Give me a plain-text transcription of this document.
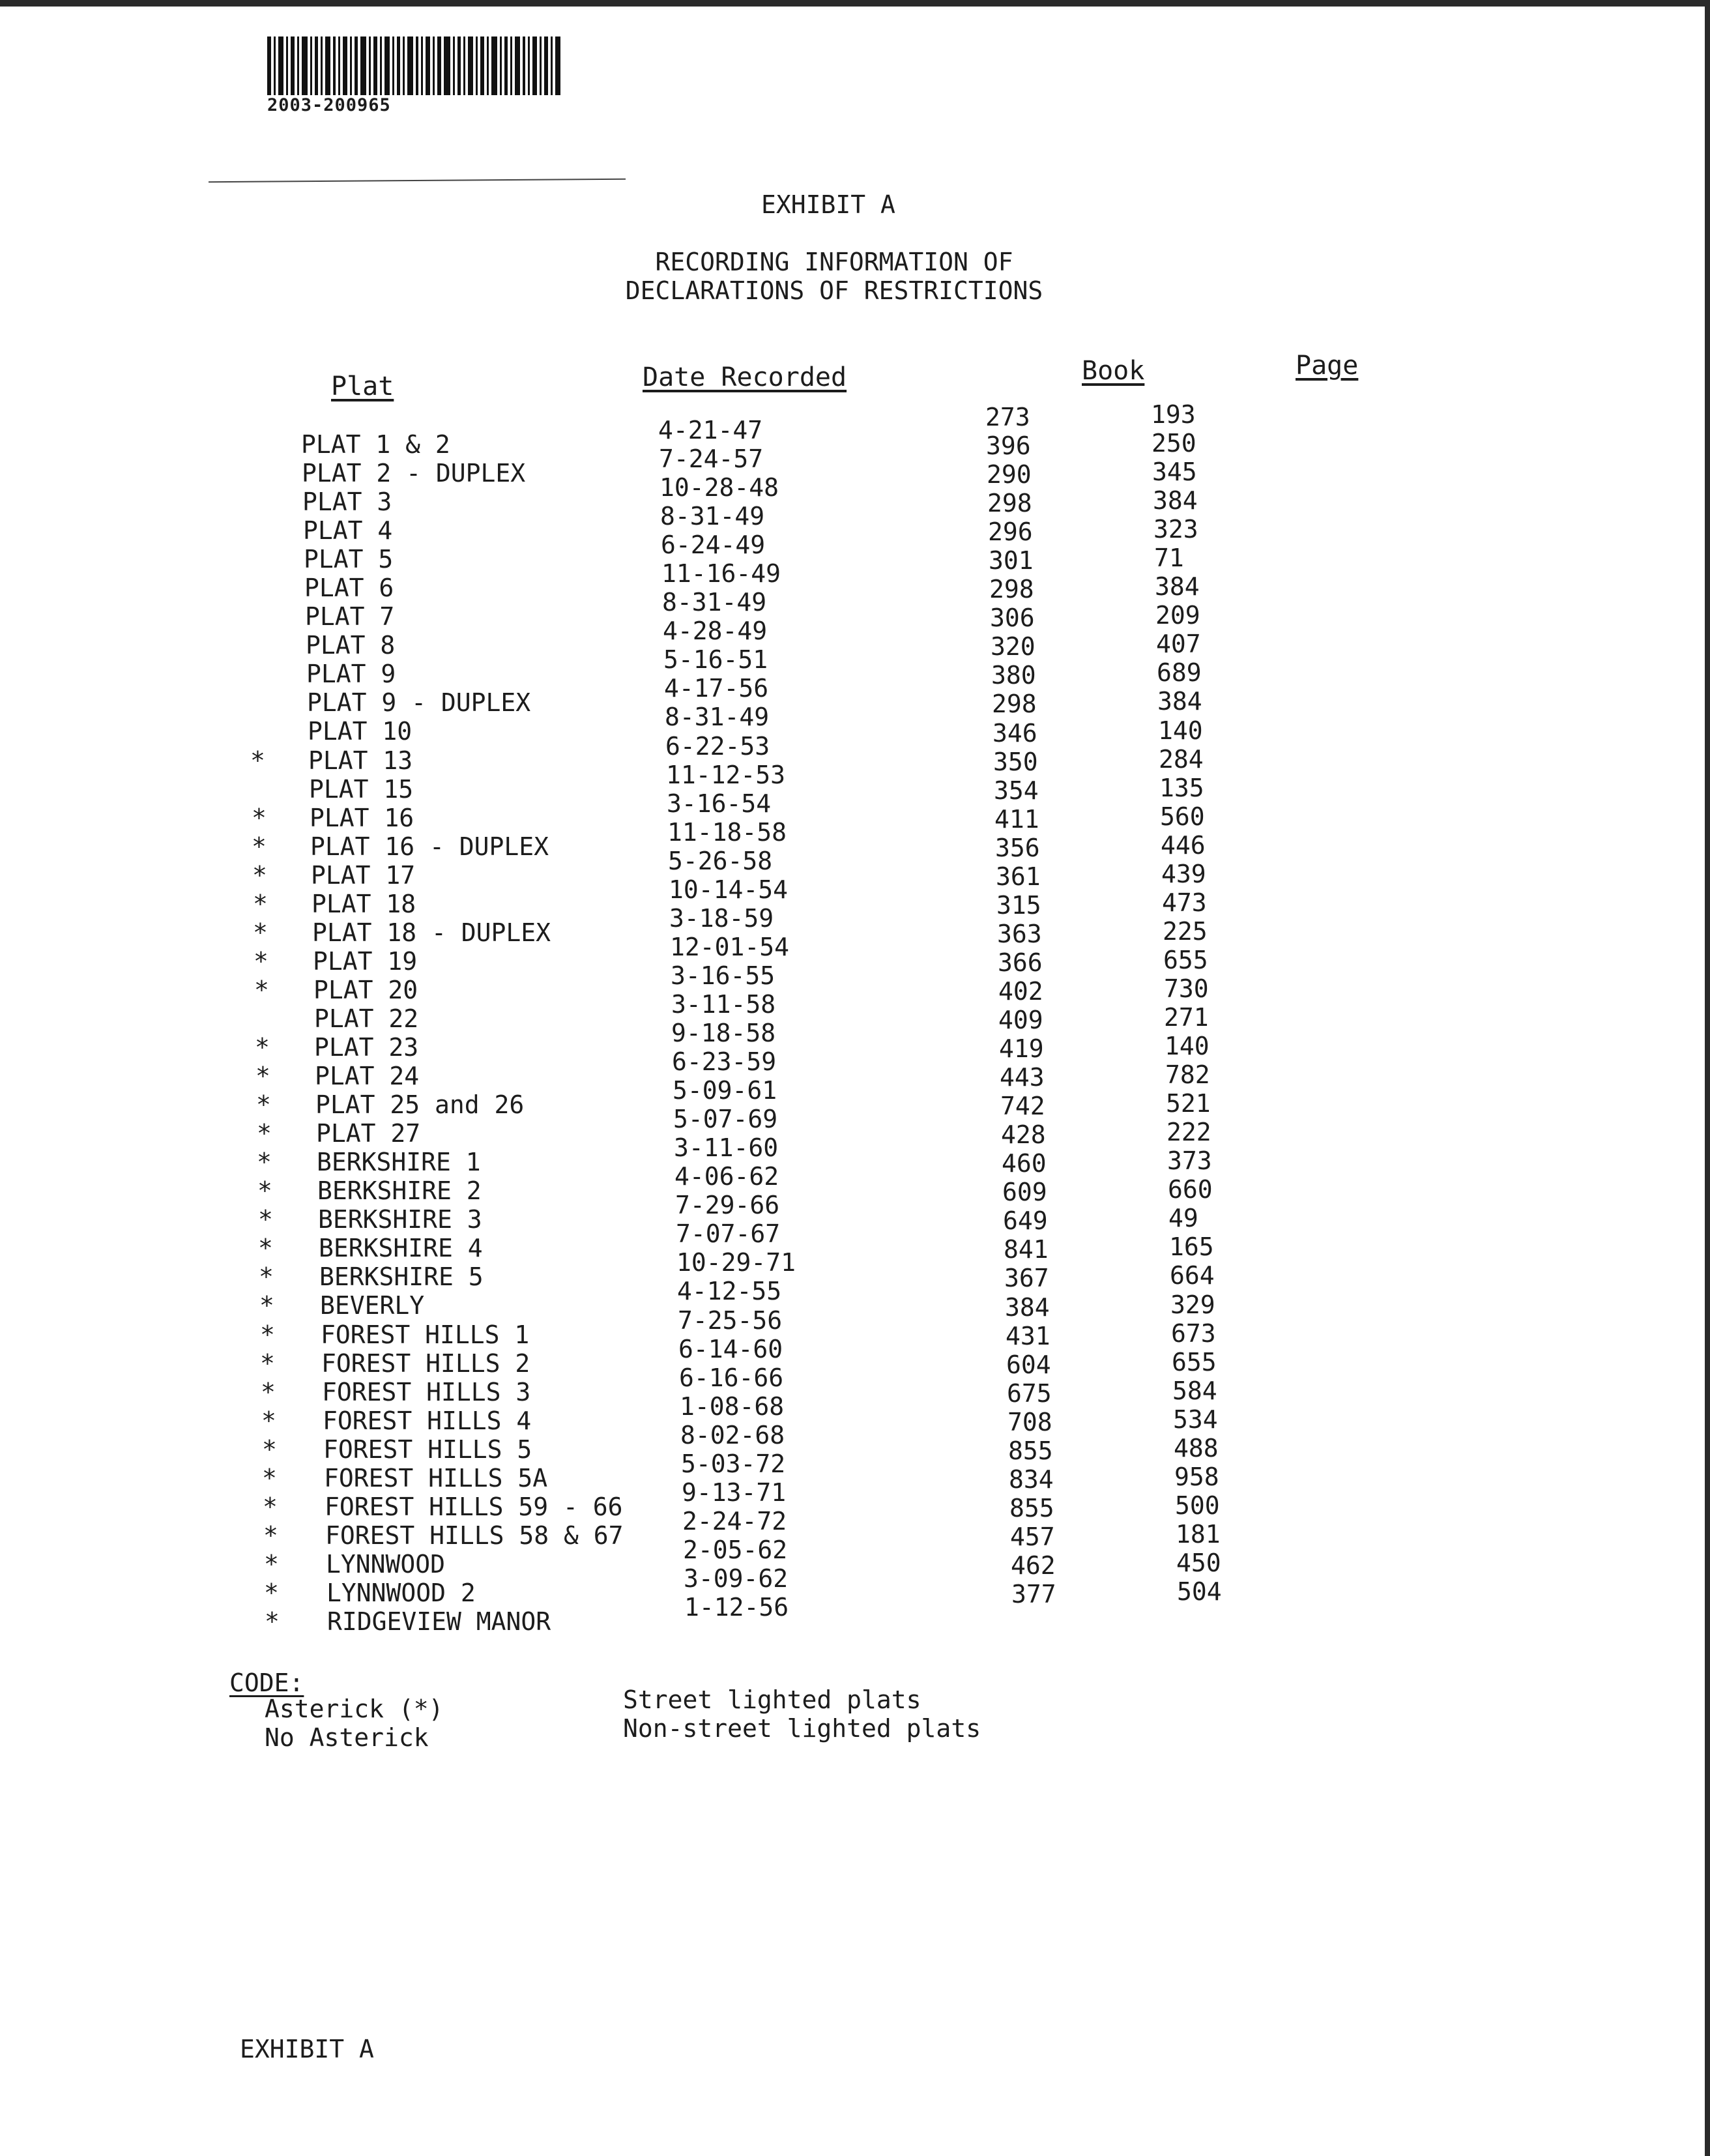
2003-200965
EXHIBIT A
RECORDING INFORMATION OF
DECLARATIONS OF RESTRICTIONS
Plat	Date Recorded	Book	Page
PLAT 1 & 2	4-21-47	273	193
PLAT 2 - DUPLEX	7-24-57	396	250
PLAT 3	10-28-48	290	345
PLAT 4	8-31-49	298	384
PLAT 5	6-24-49	296	323
PLAT 6	11-16-49	301	71
PLAT 7	8-31-49	298	384
PLAT 8	4-28-49	306	209
PLAT 9	5-16-51	320	407
PLAT 9 - DUPLEX	4-17-56	380	689
PLAT 10	8-31-49	298	384
* PLAT 13	6-22-53	346	140
PLAT 15	11-12-53	350	284
* PLAT 16	3-16-54	354	135
* PLAT 16 - DUPLEX	11-18-58	411	560
* PLAT 17	5-26-58	356	446
* PLAT 18	10-14-54	361	439
* PLAT 18 - DUPLEX	3-18-59	315	473
* PLAT 19	12-01-54	363	225
* PLAT 20	3-16-55	366	655
PLAT 22	3-11-58	402	730
* PLAT 23	9-18-58	409	271
* PLAT 24	6-23-59	419	140
* PLAT 25 and 26	5-09-61	443	782
* PLAT 27	5-07-69	742	521
* BERKSHIRE 1	3-11-60	428	222
* BERKSHIRE 2	4-06-62	460	373
* BERKSHIRE 3	7-29-66	609	660
* BERKSHIRE 4	7-07-67	649	49
* BERKSHIRE 5	10-29-71	841	165
* BEVERLY	4-12-55	367	664
* FOREST HILLS 1	7-25-56	384	329
* FOREST HILLS 2	6-14-60	431	673
* FOREST HILLS 3	6-16-66	604	655
* FOREST HILLS 4	1-08-68	675	584
* FOREST HILLS 5	8-02-68	708	534
* FOREST HILLS 5A	5-03-72	855	488
* FOREST HILLS 59 - 66 9-13-71	834	958
* FOREST HILLS 58 & 67 2-24-72	855	500
* LYNNWOOD	2-05-62	457	181
* LYNNWOOD 2	3-09-62	462	450
* RIDGEVIEW MANOR	1-12-56	377	504
CODE:
Asterick (*)	Street lighted plats
No Asterick	Non-street lighted plats
EXHIBIT A
